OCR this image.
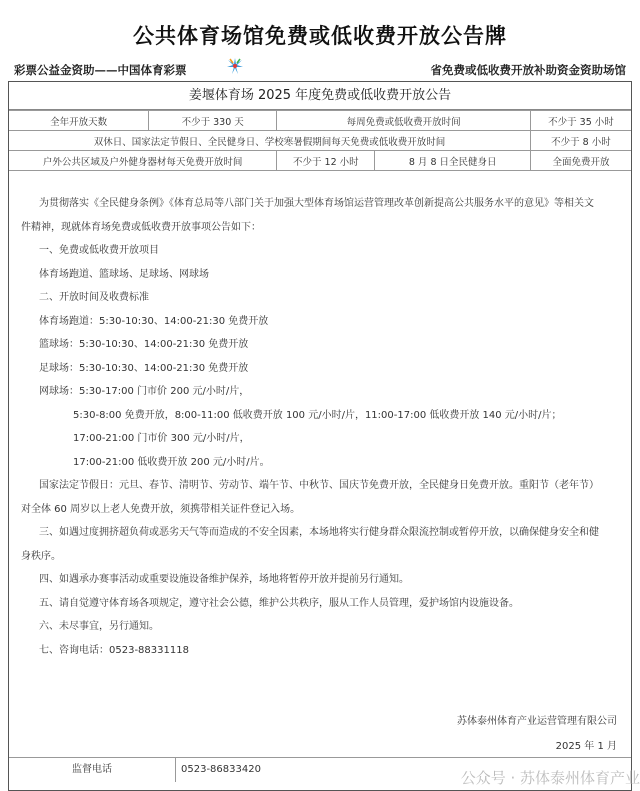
公共体育场馆免费或低收费开放公告牌
彩票公益金资助——中国体育彩票	省免费或低收费开放补助资金资助场馆
姜堰体育场 2025 年度免费或低收费开放公告
全年开放天数	不少于 330 天	每周免费或低收费开放时间		不少于 35 小时
双休日、国家法定节假日、全民健身日、学校寒暑假期间每天免费或低收费开放时间				不少于 8 小时
户外公共区域及户外健身器材每天免费开放时间		不少于 12 小时	8 月 8 日全民健身日	全面免费开放

为贯彻落实《全民健身条例》《体育总局等八部门关于加强大型体育场馆运营管理改革创新提高公共服务水平的意见》等相关文

件精神，现就体育场免费或低收费开放事项公告如下：

一、免费或低收费开放项目

体育场跑道、篮球场、足球场、网球场

二、开放时间及收费标准

体育场跑道：5:30-10:30、14:00-21:30 免费开放

篮球场：5:30-10:30、14:00-21:30 免费开放

足球场：5:30-10:30、14:00-21:30 免费开放

网球场：5:30-17:00 门市价 200 元/小时/片，

5:30-8:00 免费开放，8:00-11:00 低收费开放 100 元/小时/片，11:00-17:00 低收费开放 140 元/小时/片；

17:00-21:00 门市价 300 元/小时/片，

17:00-21:00 低收费开放 200 元/小时/片。

国家法定节假日：元旦、春节、清明节、劳动节、端午节、中秋节、国庆节免费开放，全民健身日免费开放。重阳节（老年节）

对全体 60 周岁以上老人免费开放，须携带相关证件登记入场。

三、如遇过度拥挤超负荷或恶劣天气等而造成的不安全因素，本场地将实行健身群众限流控制或暂停开放，以确保健身安全和健

身秩序。

四、如遇承办赛事活动或重要设施设备维护保养，场地将暂停开放并提前另行通知。

五、请自觉遵守体育场各项规定，遵守社会公德，维护公共秩序，服从工作人员管理，爱护场馆内设施设备。

六、未尽事宜，另行通知。

七、咨询电话：0523-88331118

苏体泰州体育产业运营管理有限公司
2025 年 1 月
监督电话	0523-86833420	公众号 · 苏体泰州体育产业
